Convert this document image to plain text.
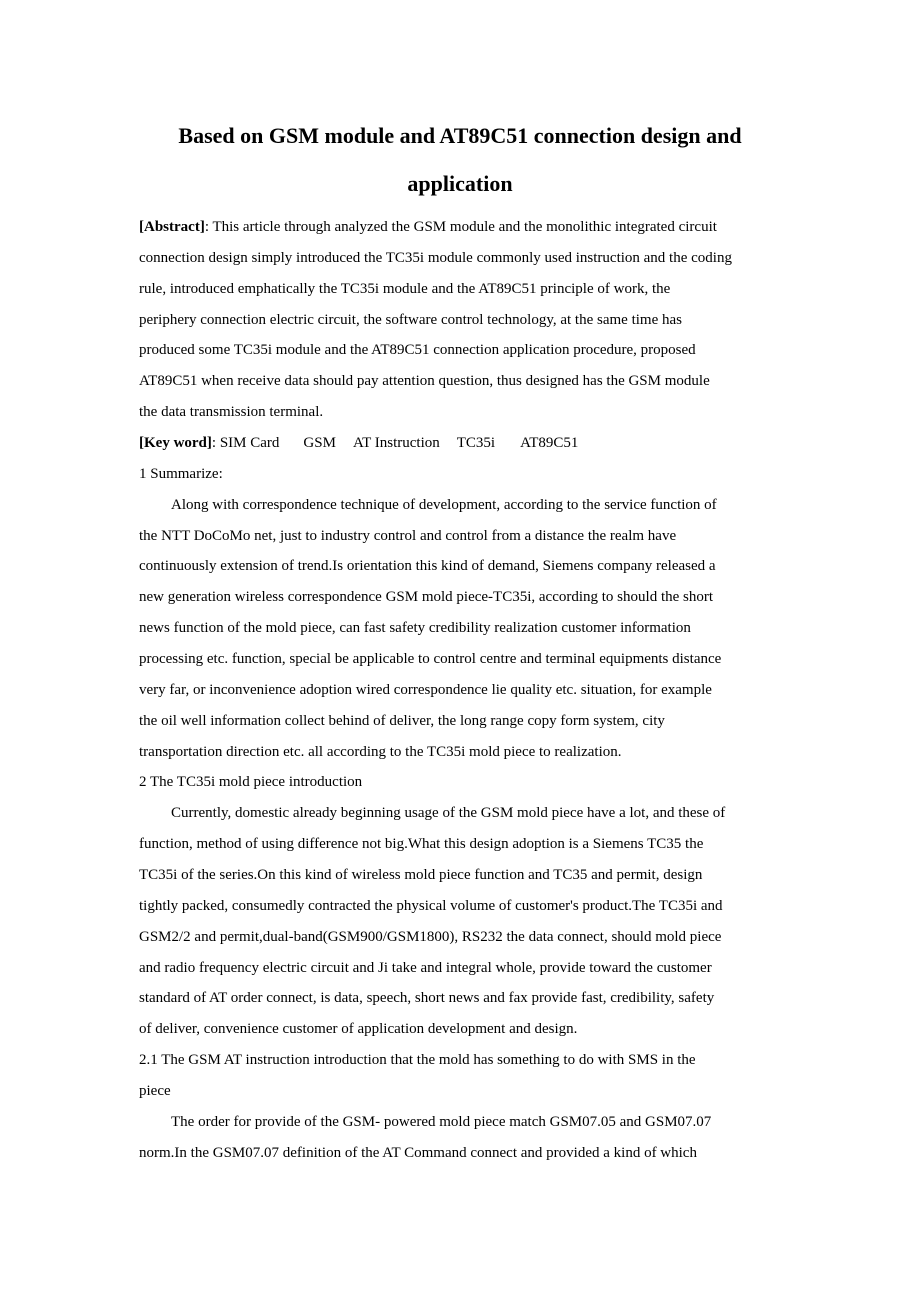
Based on GSM module and AT89C51 connection design and
application
[Abstract]: This article through analyzed the GSM module and the monolithic integrated circuit
connection design simply introduced the TC35i module commonly used instruction and the coding
rule, introduced emphatically the TC35i module and the AT89C51 principle of work, the
periphery connection electric circuit, the software control technology, at the same time has
produced some TC35i module and the AT89C51 connection application procedure, proposed
AT89C51 when receive data should pay attention question, thus designed has the GSM module
the data transmission terminal.
[Key word]: SIM Card GSM AT Instruction TC35i AT89C51
1 Summarize:
Along with correspondence technique of development, according to the service function of
the NTT DoCoMo net, just to industry control and control from a distance the realm have
continuously extension of trend.Is orientation this kind of demand, Siemens company released a
new generation wireless correspondence GSM mold piece-TC35i, according to should the short
news function of the mold piece, can fast safety credibility realization customer information
processing etc. function, special be applicable to control centre and terminal equipments distance
very far, or inconvenience adoption wired correspondence lie quality etc. situation, for example
the oil well information collect behind of deliver, the long range copy form system, city
transportation direction etc. all according to the TC35i mold piece to realization.
2 The TC35i mold piece introduction
Currently, domestic already beginning usage of the GSM mold piece have a lot, and these of
function, method of using difference not big.What this design adoption is a Siemens TC35 the
TC35i of the series.On this kind of wireless mold piece function and TC35 and permit, design
tightly packed, consumedly contracted the physical volume of customer's product.The TC35i and
GSM2/2 and permit,dual-band(GSM900/GSM1800), RS232 the data connect, should mold piece
and radio frequency electric circuit and Ji take and integral whole, provide toward the customer
standard of AT order connect, is data, speech, short news and fax provide fast, credibility, safety
of deliver, convenience customer of application development and design.
2.1 The GSM AT instruction introduction that the mold has something to do with SMS in the
piece
The order for provide of the GSM- powered mold piece match GSM07.05 and GSM07.07
norm.In the GSM07.07 definition of the AT Command connect and provided a kind of which
